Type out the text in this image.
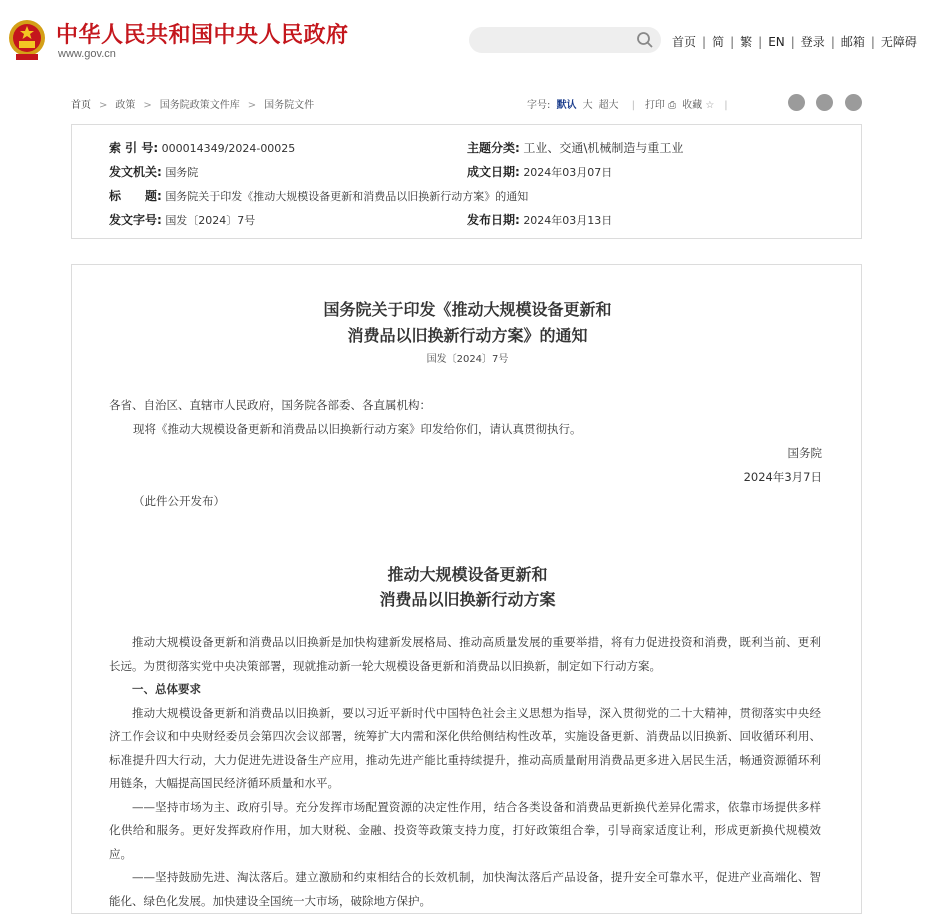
中华人民共和国中央人民政府
www.gov.cn
首页 | 简 | 繁 | EN | 登录 | 邮箱 | 无障碍
首页 > 政策 > 国务院政策文件库 > 国务院文件	字号: 默认 大 超大 | 打印 ⎙ 收藏 ☆ |
索 引 号: 000014349/2024-00025	主题分类: 工业、交通\机械制造与重工业
发文机关: 国务院	成文日期: 2024年03月07日
标　　题: 国务院关于印发《推动大规模设备更新和消费品以旧换新行动方案》的通知
发文字号: 国发〔2024〕7号	发布日期: 2024年03月13日
国务院关于印发《推动大规模设备更新和
消费品以旧换新行动方案》的通知
国发〔2024〕7号
各省、自治区、直辖市人民政府，国务院各部委、各直属机构：
现将《推动大规模设备更新和消费品以旧换新行动方案》印发给你们，请认真贯彻执行。
国务院
2024年3月7日
（此件公开发布）
推动大规模设备更新和
消费品以旧换新行动方案
推动大规模设备更新和消费品以旧换新是加快构建新发展格局、推动高质量发展的重要举措，将有力促进投资和消费，既利当前、更利长远。为贯彻落实党中央决策部署，现就推动新一轮大规模设备更新和消费品以旧换新，制定如下行动方案。
一、总体要求
推动大规模设备更新和消费品以旧换新，要以习近平新时代中国特色社会主义思想为指导，深入贯彻党的二十大精神，贯彻落实中央经济工作会议和中央财经委员会第四次会议部署，统筹扩大内需和深化供给侧结构性改革，实施设备更新、消费品以旧换新、回收循环利用、标准提升四大行动，大力促进先进设备生产应用，推动先进产能比重持续提升，推动高质量耐用消费品更多进入居民生活，畅通资源循环利用链条，大幅提高国民经济循环质量和水平。
——坚持市场为主、政府引导。充分发挥市场配置资源的决定性作用，结合各类设备和消费品更新换代差异化需求，依靠市场提供多样化供给和服务。更好发挥政府作用，加大财税、金融、投资等政策支持力度，打好政策组合拳，引导商家适度让利，形成更新换代规模效应。
——坚持鼓励先进、淘汰落后。建立激励和约束相结合的长效机制，加快淘汰落后产品设备，提升安全可靠水平，促进产业高端化、智能化、绿色化发展。加快建设全国统一大市场，破除地方保护。
